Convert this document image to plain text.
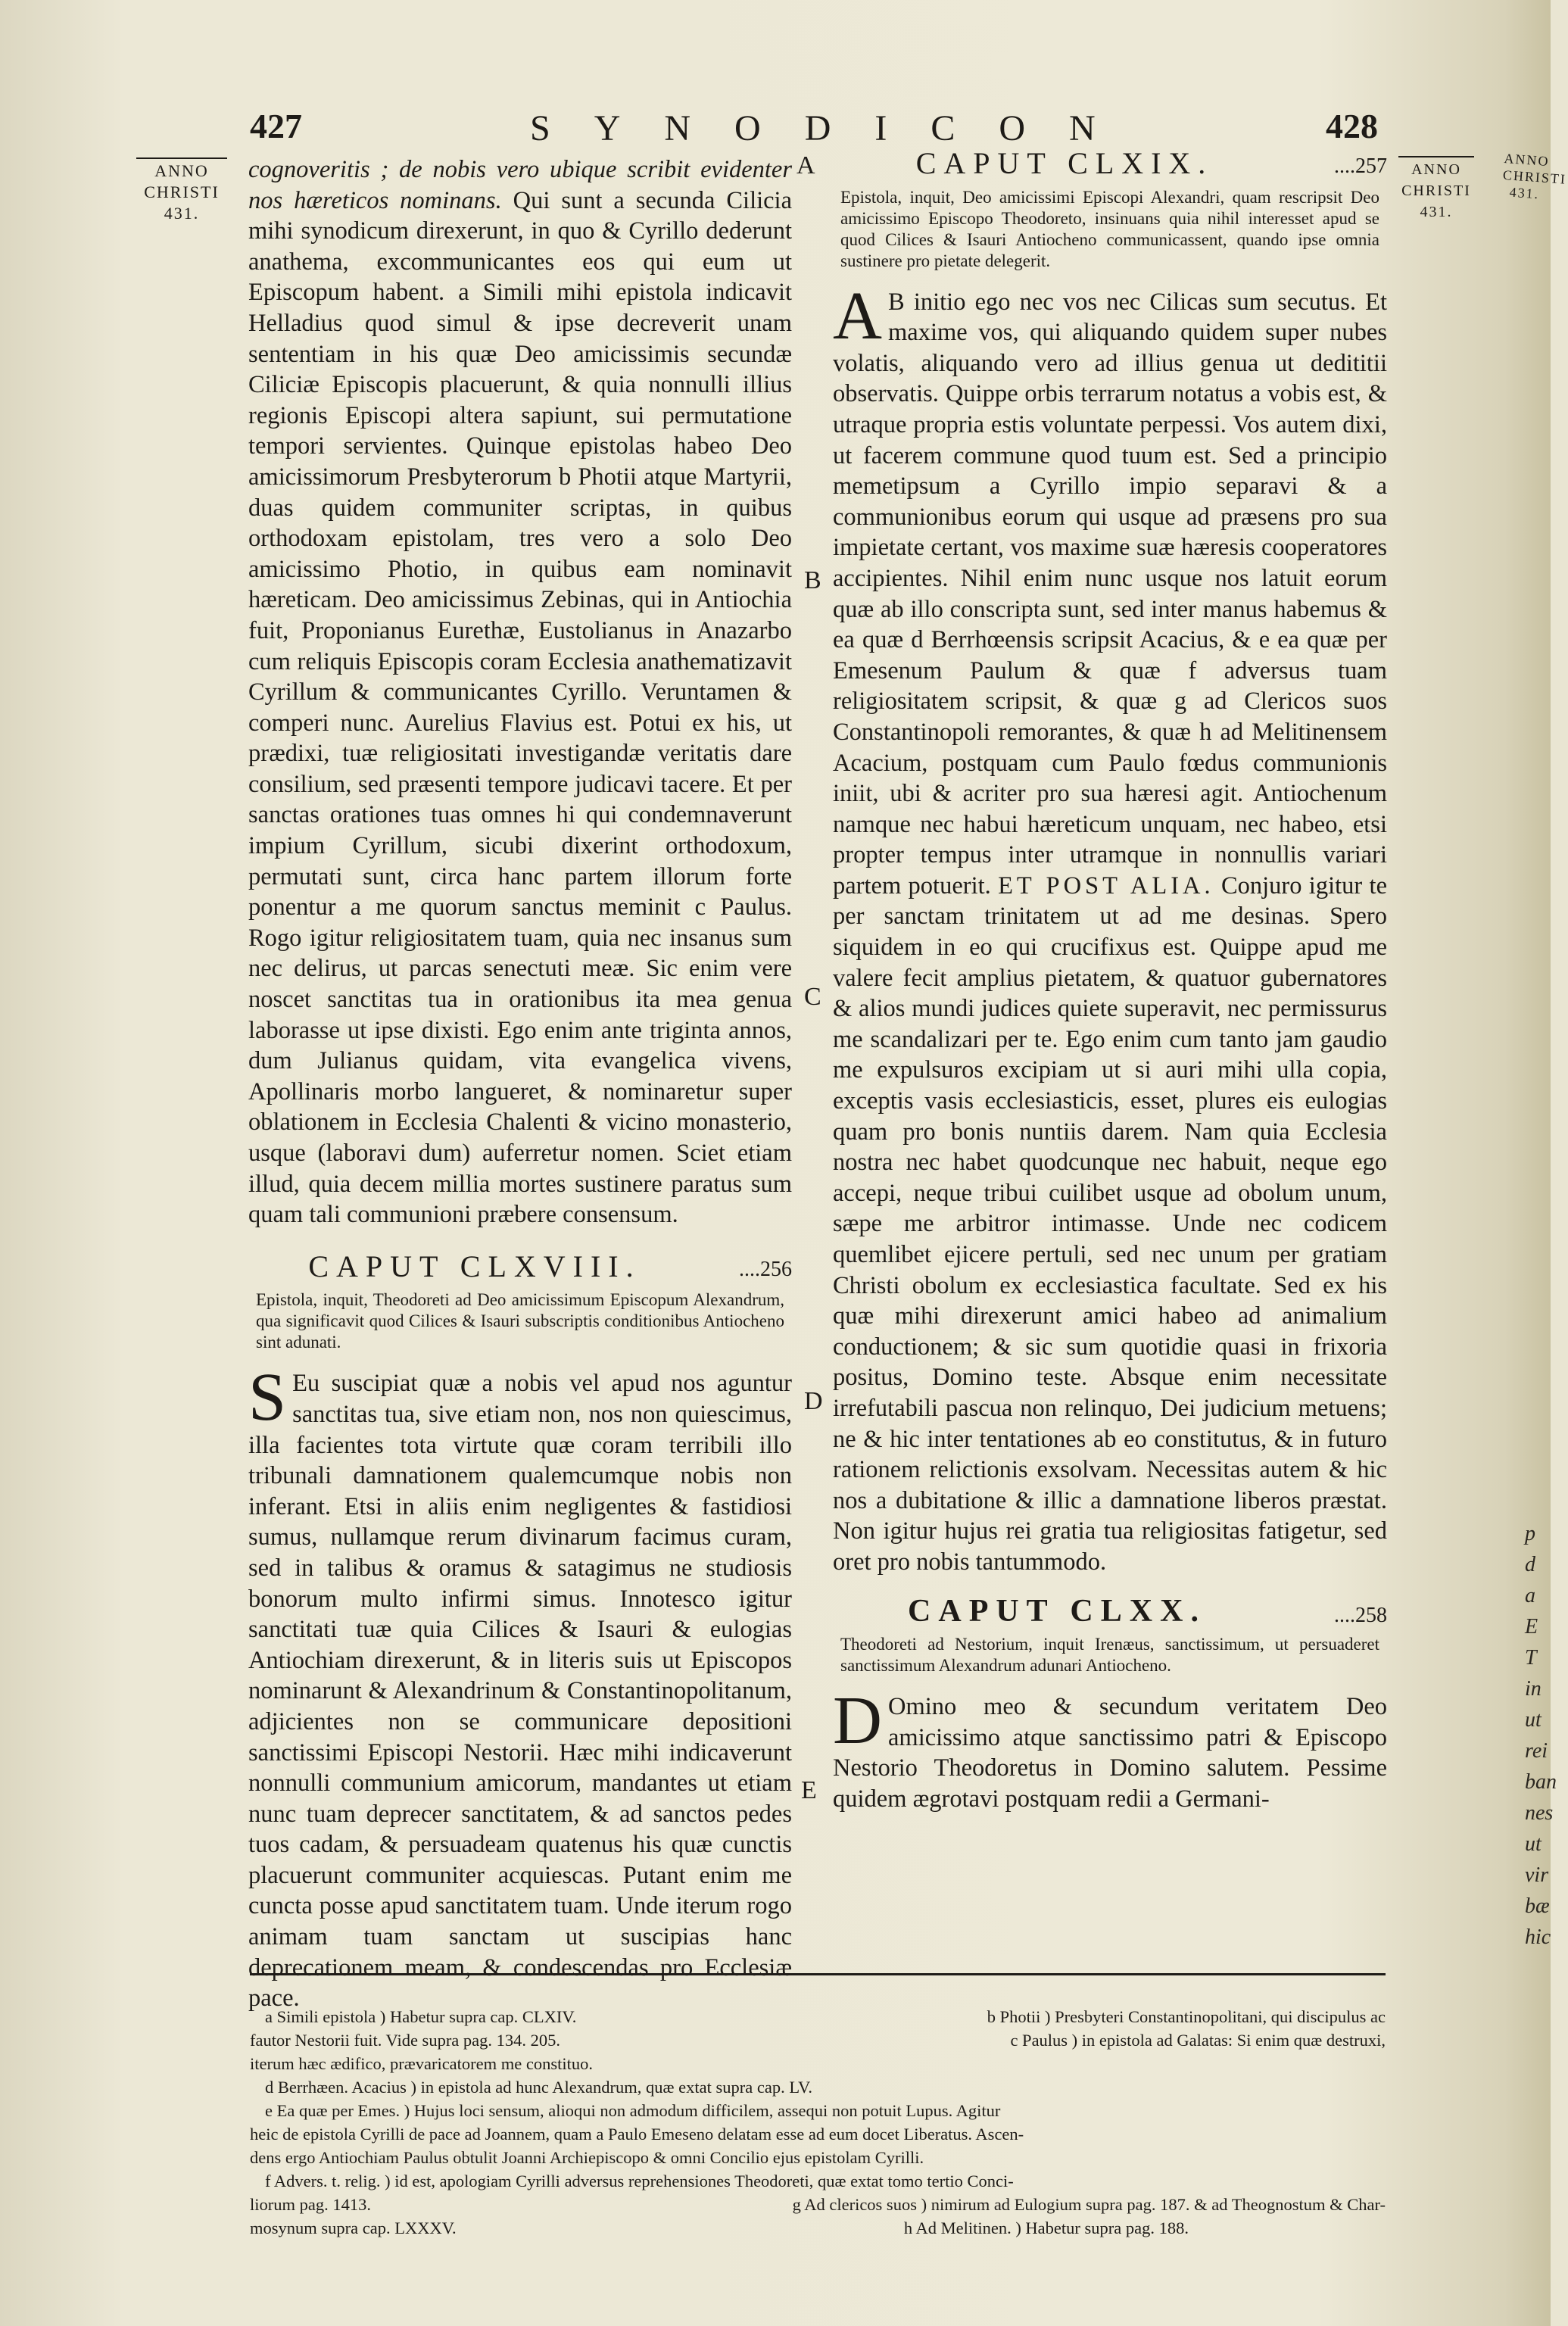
427	SYNODICON	428
ANNO
CHRISTI
431.
ANNO
CHRISTI
431.
ANNO
CHRISTI
431.
p
d
a
E
T
in
ut
rei
ban
nes
ut
vir
bæ
hic
A
B
C
D
E

cognoveritis ; de nobis vero ubique scribit evidenter nos hæreticos nominans. Qui sunt a secunda Cilicia mihi synodicum direxerunt, in quo & Cyrillo dederunt anathema, excommunicantes eos qui eum ut Episcopum habent. a Simili mihi epistola indicavit Helladius quod simul & ipse decreverit unam sententiam in his quæ Deo amicissimis secundæ Ciliciæ Episcopis placuerunt, & quia nonnulli illius regionis Episcopi altera sapiunt, sui permutatione tempori servientes. Quinque epistolas habeo Deo amicissimorum Presbyterorum b Photii atque Martyrii, duas quidem communiter scriptas, in quibus orthodoxam epistolam, tres vero a solo Deo amicissimo Photio, in quibus eam nominavit hæreticam. Deo amicissimus Zebinas, qui in Antiochia fuit, Proponianus Eurethæ, Eustolianus in Anazarbo cum reliquis Episcopis coram Ecclesia anathematizavit Cyrillum & communicantes Cyrillo. Veruntamen & comperi nunc. Aurelius Flavius est. Potui ex his, ut prædixi, tuæ religiositati investigandæ veritatis dare consilium, sed præsenti tempore judicavi tacere. Et per sanctas orationes tuas omnes hi qui condemnaverunt impium Cyrillum, sicubi dixerint orthodoxum, permutati sunt, circa hanc partem illorum forte ponentur a me quorum sanctus meminit c Paulus. Rogo igitur religiositatem tuam, quia nec insanus sum nec delirus, ut parcas senectuti meæ. Sic enim vere noscet sanctitas tua in orationibus ita mea genua laborasse ut ipse dixisti. Ego enim ante triginta annos, dum Julianus quidam, vita evangelica vivens, Apollinaris morbo langueret, & nominaretur super oblationem in Ecclesia Chalenti & vicino monasterio, usque (laboravi dum) auferretur nomen. Sciet etiam illud, quia decem millia mortes sustinere paratus sum quam tali communioni præbere consensum.

CAPUT CLXVIII.	....256
Epistola, inquit, Theodoreti ad Deo amicissimum Episcopum Alexandrum, qua significavit quod Cilices & Isauri subscriptis conditionibus Antiocheno sint adunati.

S Eu suscipiat quæ a nobis vel apud nos aguntur sanctitas tua, sive etiam non, nos non quiescimus, illa facientes tota virtute quæ coram terribili illo tribunali damnationem qualemcumque nobis non inferant. Etsi in aliis enim negligentes & fastidiosi sumus, nullamque rerum divinarum facimus curam, sed in talibus & oramus & satagimus ne studiosis bonorum multo infirmi simus. Innotesco igitur sanctitati tuæ quia Cilices & Isauri & eulogias Antiochiam direxerunt, & in literis suis ut Episcopos nominarunt & Alexandrinum & Constantinopolitanum, adjicientes non se communicare depositioni sanctissimi Episcopi Nestorii. Hæc mihi indicaverunt nonnulli communium amicorum, mandantes ut etiam nunc tuam deprecer sanctitatem, & ad sanctos pedes tuos cadam, & persuadeam quatenus his quæ cunctis placuerunt communiter acquiescas. Putant enim me cuncta posse apud sanctitatem tuam. Unde iterum rogo animam tuam sanctam ut suscipias hanc deprecationem meam, & condescendas pro Ecclesiæ pace.

CAPUT CLXIX.	....257
Epistola, inquit, Deo amicissimi Episcopi Alexandri, quam rescripsit Deo amicissimo Episcopo Theodoreto, insinuans quia nihil interesset apud se quod Cilices & Isauri Antiocheno communicassent, quando ipse omnia sustinere pro pietate delegerit.

A B initio ego nec vos nec Cilicas sum secutus. Et maxime vos, qui aliquando quidem super nubes volatis, aliquando vero ad illius genua ut dedititii observatis. Quippe orbis terrarum notatus a vobis est, & utraque propria estis voluntate perpessi. Vos autem dixi, ut facerem commune quod tuum est. Sed a principio memetipsum a Cyrillo impio separavi & a communionibus eorum qui usque ad præsens pro sua impietate certant, vos maxime suæ hæresis cooperatores accipientes. Nihil enim nunc usque nos latuit eorum quæ ab illo conscripta sunt, sed inter manus habemus & ea quæ d Berrhœensis scripsit Acacius, & e ea quæ per Emesenum Paulum & quæ f adversus tuam religiositatem scripsit, & quæ g ad Clericos suos Constantinopoli remorantes, & quæ h ad Melitinensem Acacium, postquam cum Paulo fœdus communionis iniit, ubi & acriter pro sua hæresi agit. Antiochenum namque nec habui hæreticum unquam, nec habeo, etsi propter tempus inter utramque in nonnullis variari partem potuerit. ET POST ALIA. Conjuro igitur te per sanctam trinitatem ut ad me desinas. Spero siquidem in eo qui crucifixus est. Quippe apud me valere fecit amplius pietatem, & quatuor gubernatores & alios mundi judices quiete superavit, nec permissurus me scandalizari per te. Ego enim cum tanto jam gaudio me expulsuros excipiam ut si auri mihi ulla copia, exceptis vasis ecclesiasticis, esset, plures eis eulogias quam pro bonis nuntiis darem. Nam quia Ecclesia nostra nec habet quodcunque nec habuit, neque ego accepi, neque tribui cuilibet usque ad obolum unum, sæpe me arbitror intimasse. Unde nec codicem quemlibet ejicere pertuli, sed nec unum per gratiam Christi obolum ex ecclesiastica facultate. Sed ex his quæ mihi direxerunt amici habeo ad animalium conductionem; & sic sum quotidie quasi in frixoria positus, Domino teste. Absque enim necessitate irrefutabili pascua non relinquo, Dei judicium metuens; ne & hic inter tentationes ab eo constitutus, & in futuro rationem relictionis exsolvam. Necessitas autem & hic nos a dubitatione & illic a damnatione liberos præstat. Non igitur hujus rei gratia tua religiositas fatigetur, sed oret pro nobis tantummodo.

CAPUT CLXX.	....258
Theodoreti ad Nestorium, inquit Irenæus, sanctissimum, ut persuaderet sanctissimum Alexandrum adunari Antiocheno.

D Omino meo & secundum veritatem Deo amicissimo atque sanctissimo patri & Episcopo Nestorio Theodoretus in Domino salutem. Pessime quidem ægrotavi postquam redii a Germani-

a Simili epistola ) Habetur supra cap. CLXIV.	b Photii ) Presbyteri Constantinopolitani, qui discipulus ac
fautor Nestorii fuit. Vide supra pag. 134. 205.	c Paulus ) in epistola ad Galatas: Si enim quæ destruxi,
iterum hæc ædifico, prævaricatorem me constituo.
d Berrhæen. Acacius ) in epistola ad hunc Alexandrum, quæ extat supra cap. LV.
e Ea quæ per Emes. ) Hujus loci sensum, alioqui non admodum difficilem, assequi non potuit Lupus. Agitur
heic de epistola Cyrilli de pace ad Joannem, quam a Paulo Emeseno delatam esse ad eum docet Liberatus. Ascen-
dens ergo Antiochiam Paulus obtulit Joanni Archiepiscopo & omni Concilio ejus epistolam Cyrilli.
f Advers. t. relig. ) id est, apologiam Cyrilli adversus reprehensiones Theodoreti, quæ extat tomo tertio Conci-
liorum pag. 1413.	g Ad clericos suos ) nimirum ad Eulogium supra pag. 187. & ad Theognostum & Char-
mosynum supra cap. LXXXV.	h Ad Melitinen. ) Habetur supra pag. 188.
